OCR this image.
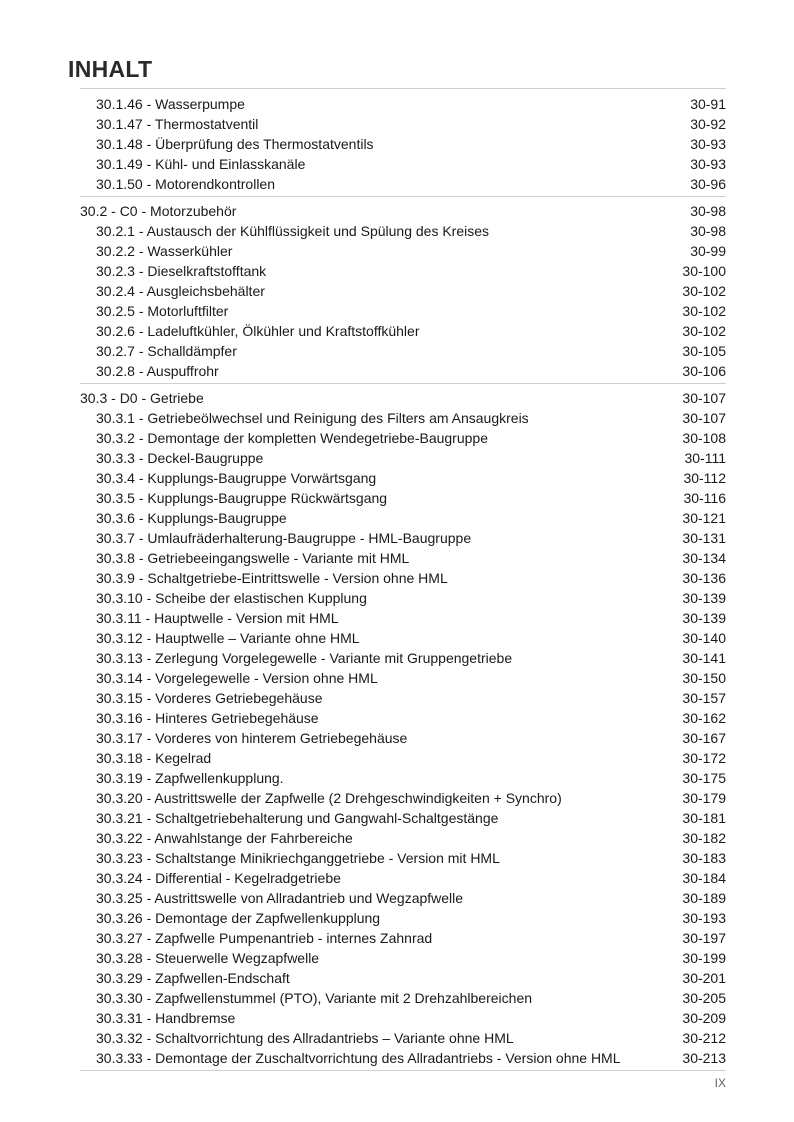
INHALT
30.1.46 - Wasserpumpe	30-91
30.1.47 - Thermostatventil	30-92
30.1.48 - Überprüfung des Thermostatventils	30-93
30.1.49 - Kühl- und Einlasskanäle	30-93
30.1.50 - Motorendkontrollen	30-96
30.2 - C0 - Motorzubehör	30-98
30.2.1 - Austausch der Kühlflüssigkeit und Spülung des Kreises	30-98
30.2.2 - Wasserkühler	30-99
30.2.3 - Dieselkraftstofftank	30-100
30.2.4 - Ausgleichsbehälter	30-102
30.2.5 - Motorluftfilter	30-102
30.2.6 - Ladeluftkühler, Ölkühler und Kraftstoffkühler	30-102
30.2.7 - Schalldämpfer	30-105
30.2.8 - Auspuffrohr	30-106
30.3 - D0 - Getriebe	30-107
30.3.1 - Getriebeölwechsel und Reinigung des Filters am Ansaugkreis	30-107
30.3.2 - Demontage der kompletten Wendegetriebe-Baugruppe	30-108
30.3.3 - Deckel-Baugruppe	30-111
30.3.4 - Kupplungs-Baugruppe Vorwärtsgang	30-112
30.3.5 - Kupplungs-Baugruppe Rückwärtsgang	30-116
30.3.6 - Kupplungs-Baugruppe	30-121
30.3.7 - Umlaufräderhalterung-Baugruppe - HML-Baugruppe	30-131
30.3.8 - Getriebeeingangswelle - Variante mit HML	30-134
30.3.9 - Schaltgetriebe-Eintrittswelle - Version ohne HML	30-136
30.3.10 - Scheibe der elastischen Kupplung	30-139
30.3.11 - Hauptwelle - Version mit HML	30-139
30.3.12 - Hauptwelle – Variante ohne HML	30-140
30.3.13 - Zerlegung Vorgelegewelle - Variante mit Gruppengetriebe	30-141
30.3.14 - Vorgelegewelle - Version ohne HML	30-150
30.3.15 - Vorderes Getriebegehäuse	30-157
30.3.16 - Hinteres Getriebegehäuse	30-162
30.3.17 - Vorderes von hinterem Getriebegehäuse	30-167
30.3.18 - Kegelrad	30-172
30.3.19 - Zapfwellenkupplung.	30-175
30.3.20 - Austrittswelle der Zapfwelle (2 Drehgeschwindigkeiten + Synchro)	30-179
30.3.21 - Schaltgetriebehalterung und Gangwahl-Schaltgestänge	30-181
30.3.22 - Anwahlstange der Fahrbereiche	30-182
30.3.23 - Schaltstange Minikriechganggetriebe - Version mit HML	30-183
30.3.24 - Differential - Kegelradgetriebe	30-184
30.3.25 - Austrittswelle von Allradantrieb und Wegzapfwelle	30-189
30.3.26 - Demontage der Zapfwellenkupplung	30-193
30.3.27 - Zapfwelle Pumpenantrieb - internes Zahnrad	30-197
30.3.28 - Steuerwelle Wegzapfwelle	30-199
30.3.29 - Zapfwellen-Endschaft	30-201
30.3.30 - Zapfwellenstummel (PTO), Variante mit 2 Drehzahlbereichen	30-205
30.3.31 - Handbremse	30-209
30.3.32 - Schaltvorrichtung des Allradantriebs – Variante ohne HML	30-212
30.3.33 - Demontage der Zuschaltvorrichtung des Allradantriebs - Version ohne HML	30-213
IX
